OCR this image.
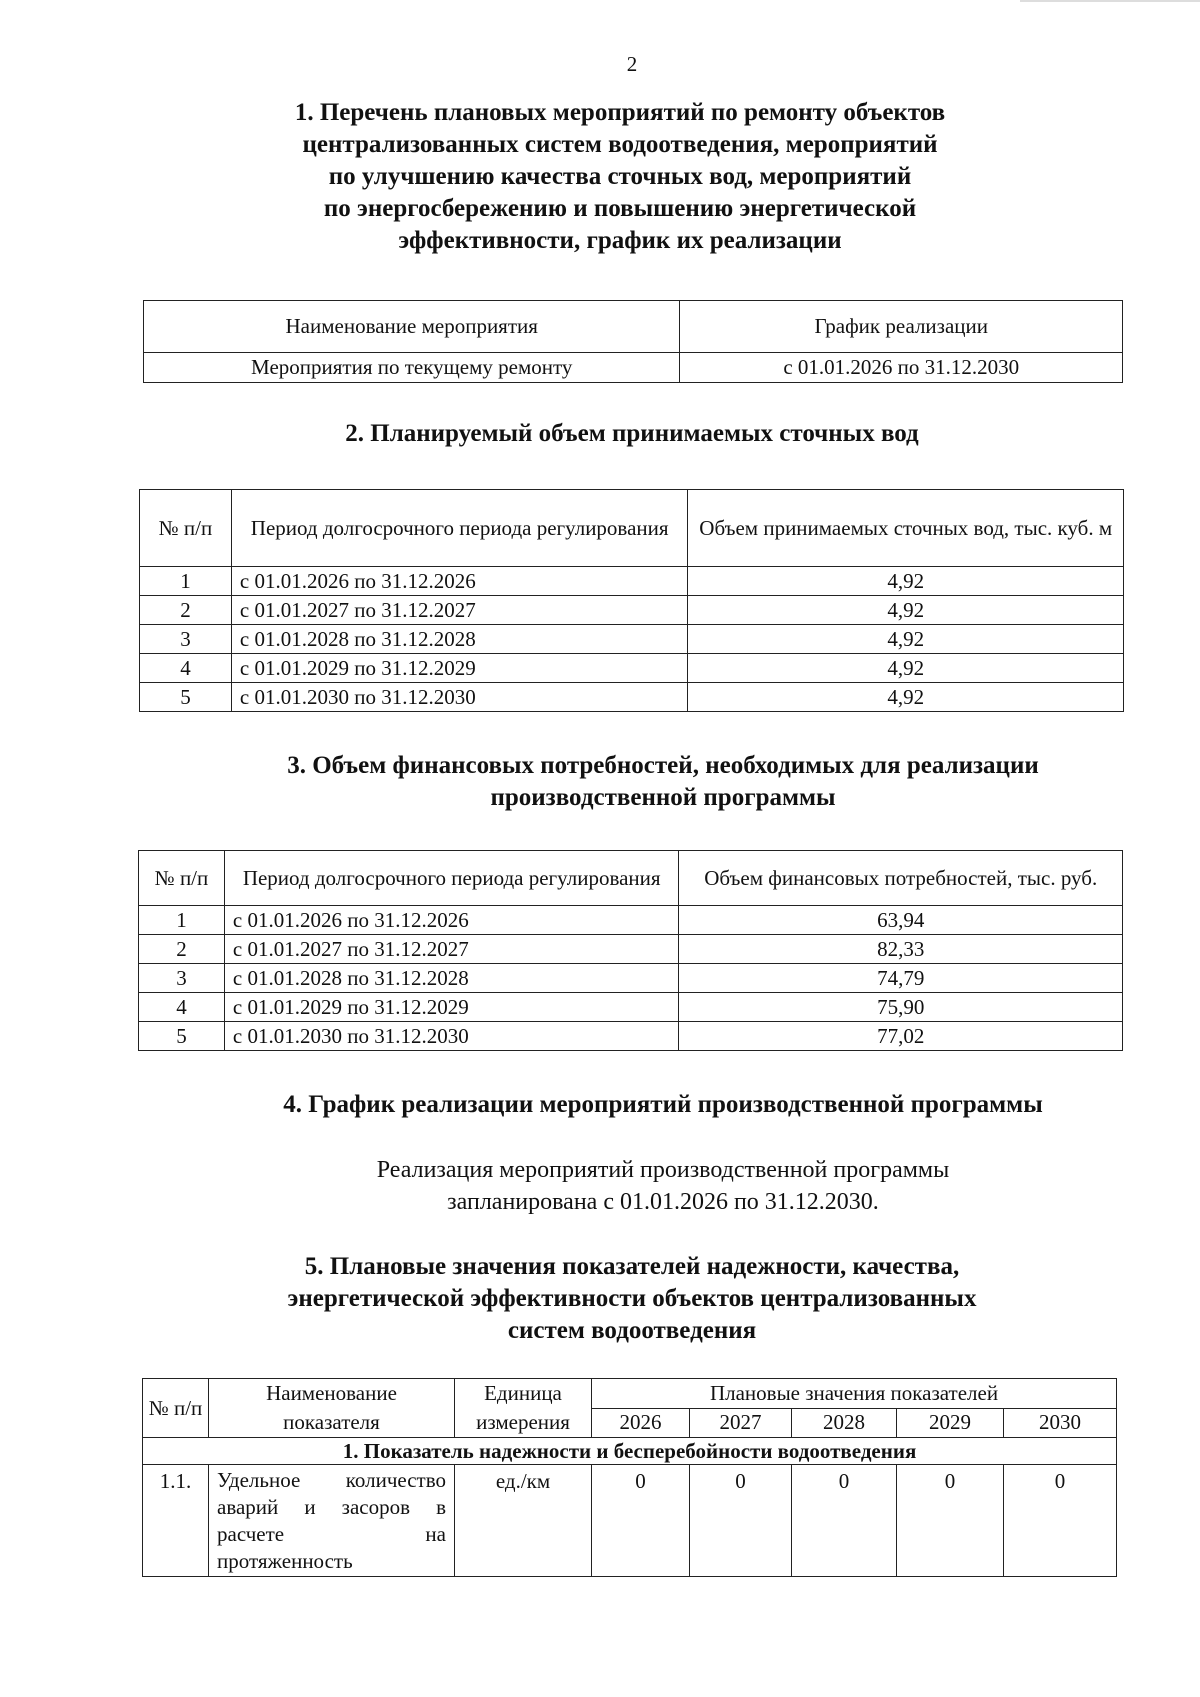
2
1. Перечень плановых мероприятий по ремонту объектов
централизованных систем водоотведения, мероприятий
по улучшению качества сточных вод, мероприятий
по энергосбережению и повышению энергетической
эффективности, график их реализации
Наименование мероприятия	График реализации
Мероприятия по текущему ремонту	с 01.01.2026 по 31.12.2030
2. Планируемый объем принимаемых сточных вод
№ п/п	Период долгосрочного периода регулирования	Объем принимаемых сточных вод, тыс. куб. м
1	с 01.01.2026 по 31.12.2026	4,92
2	с 01.01.2027 по 31.12.2027	4,92
3	с 01.01.2028 по 31.12.2028	4,92
4	с 01.01.2029 по 31.12.2029	4,92
5	с 01.01.2030 по 31.12.2030	4,92
3. Объем финансовых потребностей, необходимых для реализации
производственной программы
№ п/п	Период долгосрочного периода регулирования	Объем финансовых потребностей, тыс. руб.
1	с 01.01.2026 по 31.12.2026	63,94
2	с 01.01.2027 по 31.12.2027	82,33
3	с 01.01.2028 по 31.12.2028	74,79
4	с 01.01.2029 по 31.12.2029	75,90
5	с 01.01.2030 по 31.12.2030	77,02
4. График реализации мероприятий производственной программы
Реализация мероприятий производственной программы
запланирована с 01.01.2026 по 31.12.2030.
5. Плановые значения показателей надежности, качества,
энергетической эффективности объектов централизованных
систем водоотведения
№ п/п	Наименование показателя	Единица измерения	Плановые значения показателей				
			2026	2027	2028	2029	2030
1. Показатель надежности и бесперебойности водоотведения							
1.1.	Удельное количество аварий и засоров в расчете на протяженность	ед./км	0	0	0	0	0
